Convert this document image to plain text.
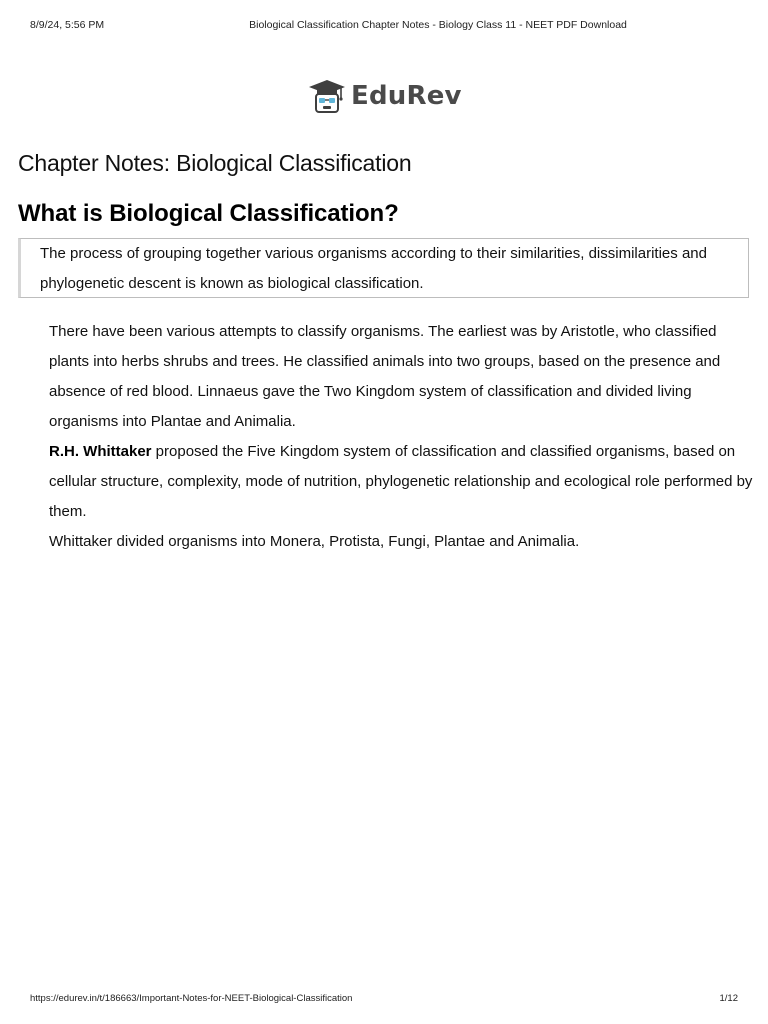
8/9/24, 5:56 PM	Biological Classification Chapter Notes - Biology Class 11 - NEET PDF Download
EduRev
Chapter Notes: Biological Classification
What is Biological Classification?

The process of grouping together various organisms according to their similarities, dissimilarities and phylogenetic descent is known as biological classification.

There have been various attempts to classify organisms. The earliest was by Aristotle, who classified plants into herbs shrubs and trees. He classified animals into two groups, based on the presence and absence of red blood. Linnaeus gave the Two Kingdom system of classification and divided living organisms into Plantae and Animalia.

R.H. Whittaker proposed the Five Kingdom system of classification and classified organisms, based on cellular structure, complexity, mode of nutrition, phylogenetic relationship and ecological role performed by them.

Whittaker divided organisms into Monera, Protista, Fungi, Plantae and Animalia.

https://edurev.in/t/186663/Important-Notes-for-NEET-Biological-Classification	1/12
